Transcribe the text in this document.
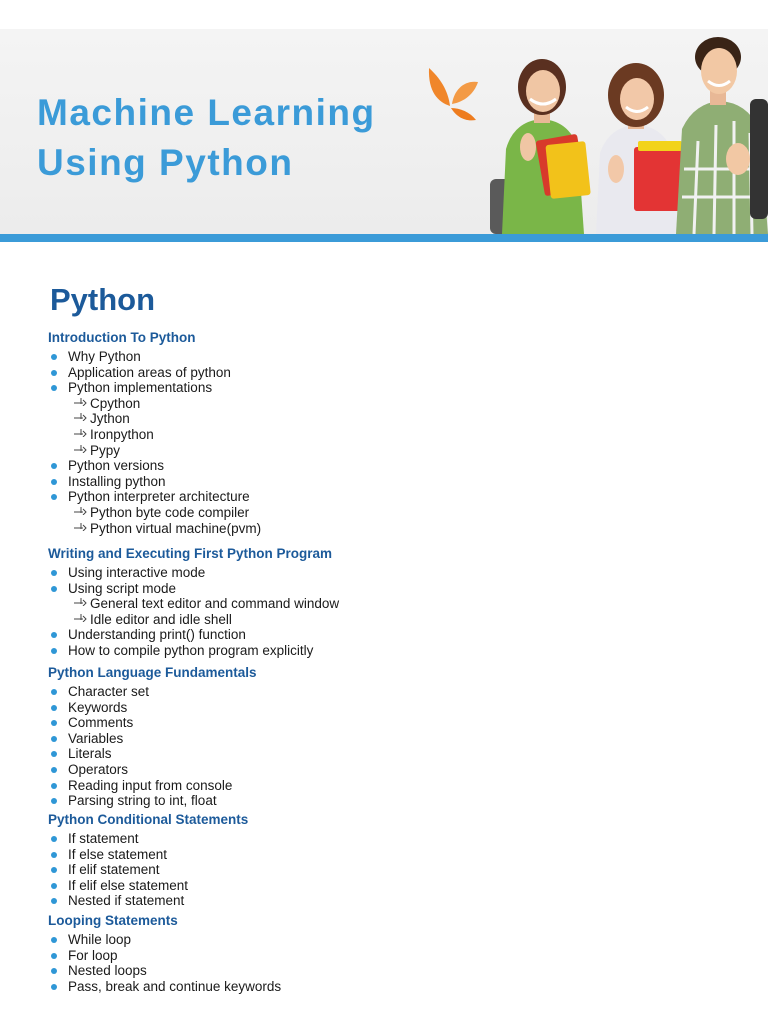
Machine Learning
Using Python
Python
Introduction To Python
Why Python
Application areas of python
Python implementations
Cpython
Jython
Ironpython
Pypy
Python versions
Installing python
Python interpreter architecture
Python byte code compiler
Python virtual machine(pvm)
Writing and Executing First Python Program
Using interactive mode
Using script mode
General text editor and command window
Idle editor and idle shell
Understanding print() function
How to compile python program explicitly
Python Language Fundamentals
Character set
Keywords
Comments
Variables
Literals
Operators
Reading input from console
Parsing string to int, float
Python Conditional Statements
If statement
If else statement
If elif statement
If elif else statement
Nested if statement
Looping Statements
While loop
For loop
Nested loops
Pass, break and continue keywords
